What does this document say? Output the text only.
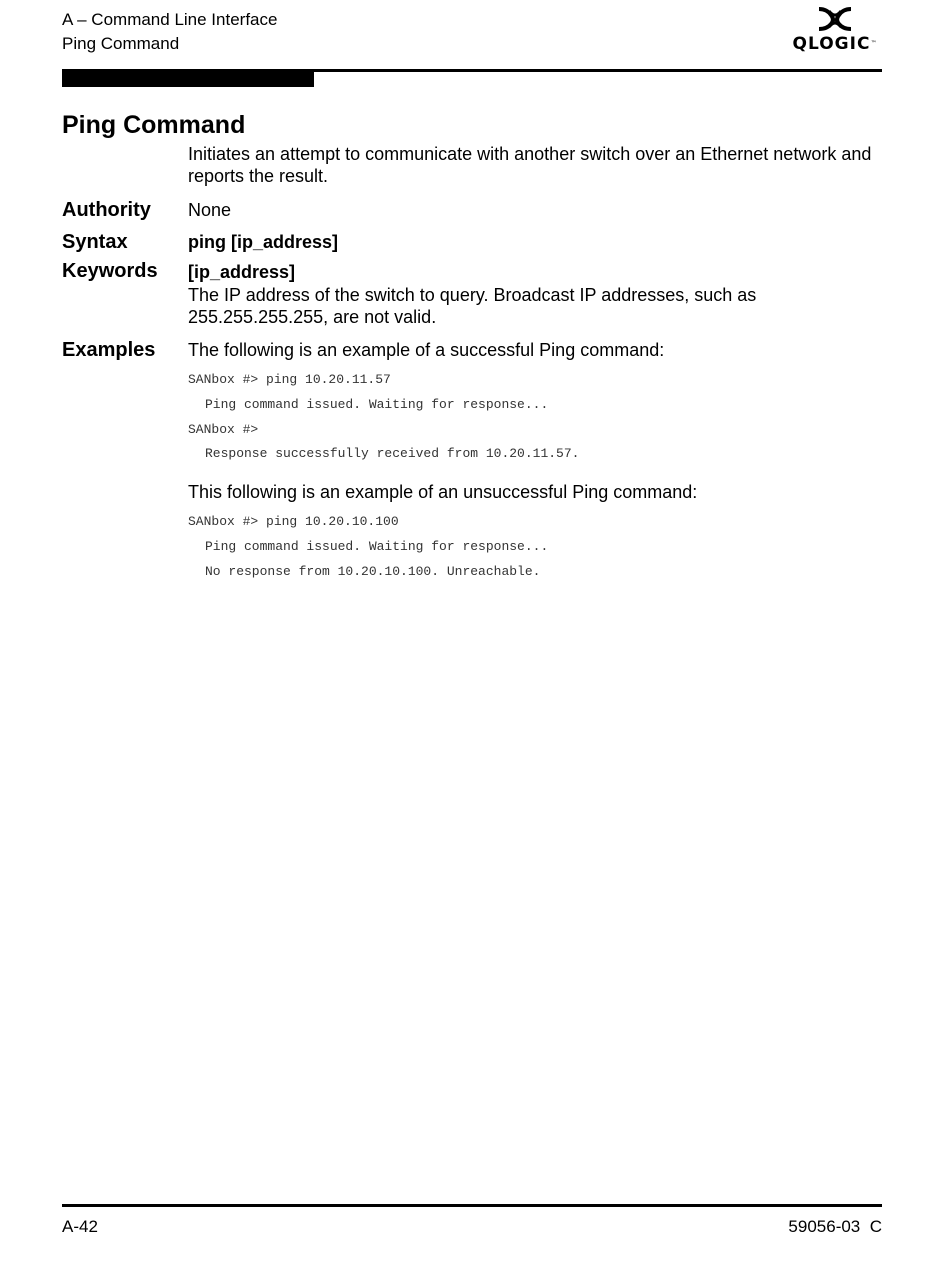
A – Command Line Interface
Ping Command	QLOGIC™
Ping Command
Initiates an attempt to communicate with another switch over an Ethernet network and reports the result.
Authority None
Syntax	ping [ip_address]
Keywords [ip_address]
The IP address of the switch to query. Broadcast IP addresses, such as 255.255.255.255, are not valid.
Examples The following is an example of a successful Ping command:
SANbox #> ping 10.20.11.57
Ping command issued. Waiting for response...
SANbox #>
Response successfully received from 10.20.11.57.
This following is an example of an unsuccessful Ping command:
SANbox #> ping 10.20.10.100
Ping command issued. Waiting for response...
No response from 10.20.10.100. Unreachable.
A-42	59056-03  C
